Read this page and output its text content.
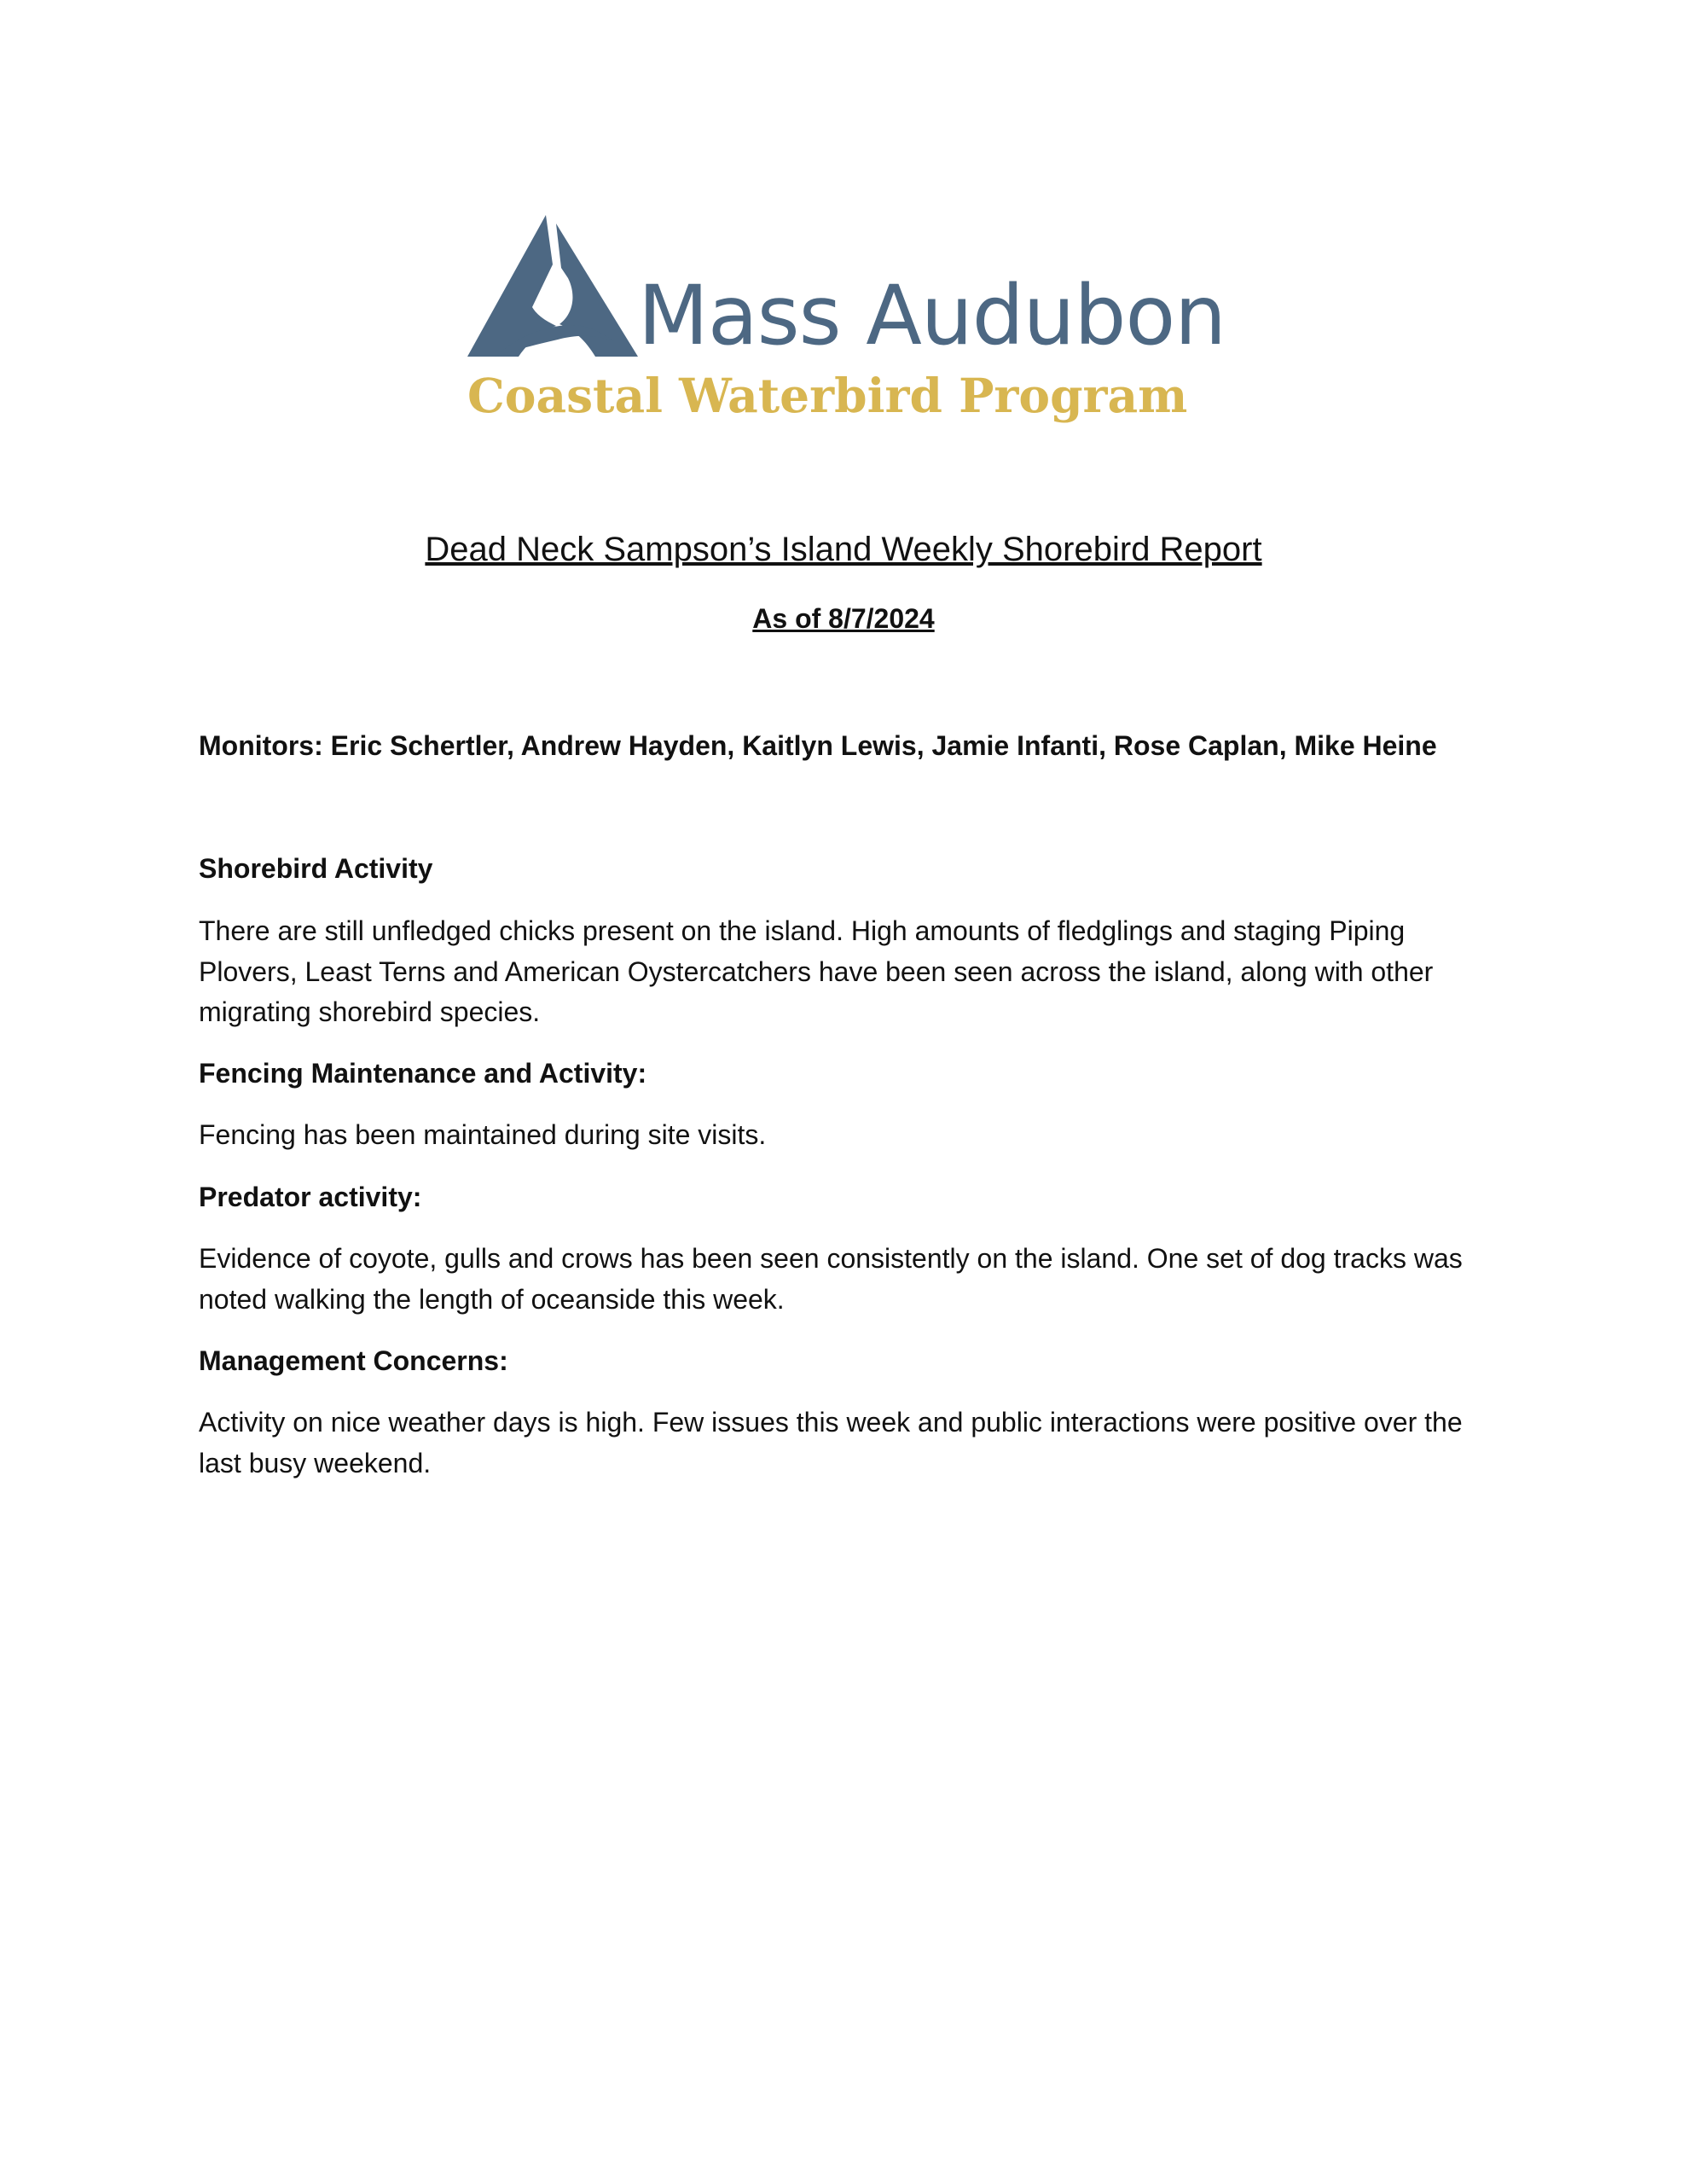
Mass Audubon
Coastal Waterbird Program
Dead Neck Sampson’s Island Weekly Shorebird Report

As of 8/7/2024

Monitors: Eric Schertler, Andrew Hayden, Kaitlyn Lewis, Jamie Infanti, Rose Caplan, Mike Heine

Shorebird Activity

There are still unfledged chicks present on the island. High amounts of fledglings and staging Piping
Plovers, Least Terns and American Oystercatchers have been seen across the island, along with other
migrating shorebird species.

Fencing Maintenance and Activity:

Fencing has been maintained during site visits.

Predator activity:

Evidence of coyote, gulls and crows has been seen consistently on the island. One set of dog tracks was
noted walking the length of oceanside this week.

Management Concerns:

Activity on nice weather days is high. Few issues this week and public interactions were positive over the
last busy weekend.
